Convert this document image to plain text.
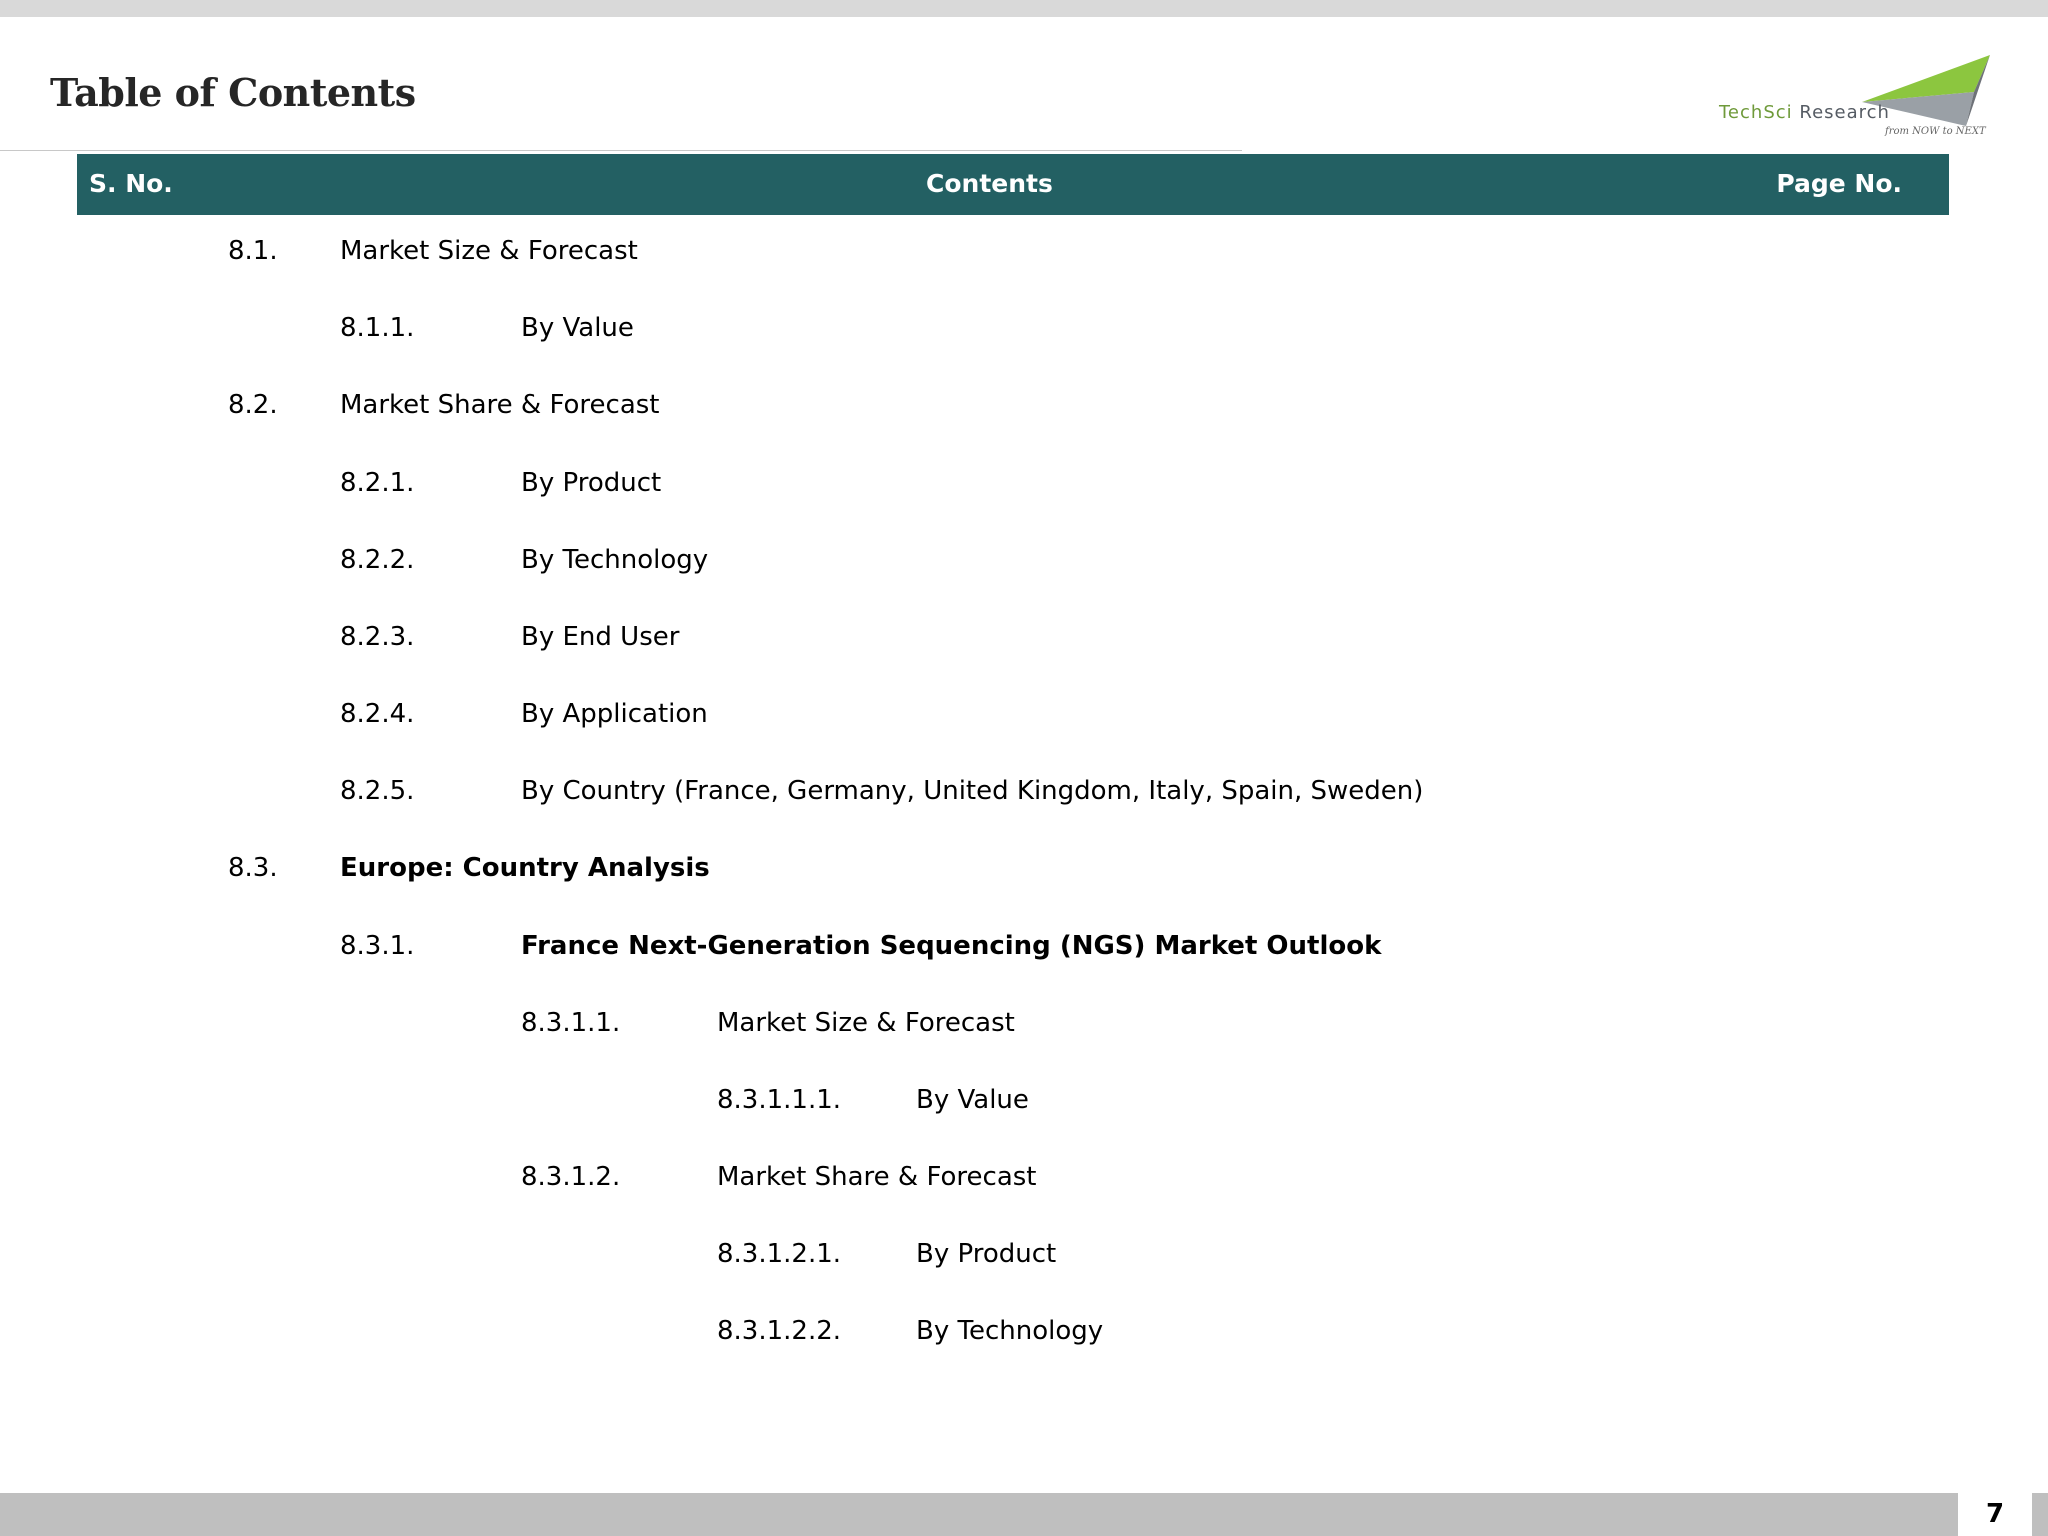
Table of Contents	TechSci Research
from NOW to NEXT
S. No.	Contents	Page No.
8.1. Market Size & Forecast
8.1.1.	By Value
8.2. Market Share & Forecast
8.2.1.	By Product
8.2.2.	By Technology
8.2.3.	By End User
8.2.4.	By Application
8.2.5.	By Country (France, Germany, United Kingdom, Italy, Spain, Sweden)
8.3. Europe: Country Analysis
8.3.1.	France Next-Generation Sequencing (NGS) Market Outlook
8.3.1.1.	Market Size & Forecast
8.3.1.1.1.	By Value
8.3.1.2.	Market Share & Forecast
8.3.1.2.1.	By Product
8.3.1.2.2.	By Technology
7
